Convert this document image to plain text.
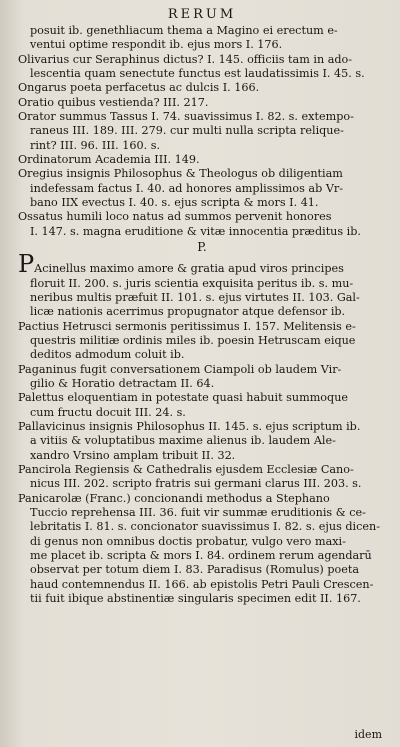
RERUM
posuit ib. genethliacum thema a Magino ei erectum e-
ventui optime respondit ib. ejus mors I. 176.
Olivarius cur Seraphinus dictus? I. 145. officiis tam in ado-
lescentia quam senectute functus est laudatissimis I. 45. s.
Ongarus poeta perfacetus ac dulcis I. 166.
Oratio quibus vestienda? III. 217.
Orator summus Tassus I. 74. suavissimus I. 82. s. extempo-
raneus III. 189. III. 279. cur multi nulla scripta relique-
rint? III. 96. III. 160. s.
Ordinatorum Academia III. 149.
Oregius insignis Philosophus & Theologus ob diligentiam
indefessam factus I. 40. ad honores amplissimos ab Vr-
bano IIX evectus I. 40. s. ejus scripta & mors I. 41.
Ossatus humili loco natus ad summos pervenit honores
I. 147. s. magna eruditione & vitæ innocentia præditus ib.
P.
PAcinellus maximo amore & gratia apud viros principes
floruit II. 200. s. juris scientia exquisita peritus ib. s. mu-
neribus multis præfuit II. 101. s. ejus virtutes II. 103. Gal-
licæ nationis acerrimus propugnator atque defensor ib.
Pactius Hetrusci sermonis peritissimus I. 157. Melitensis e-
questris militiæ ordinis miles ib. poesin Hetruscam eique
deditos admodum coluit ib.
Paganinus fugit conversationem Ciampoli ob laudem Vir-
gilio & Horatio detractam II. 64.
Palettus eloquentiam in potestate quasi habuit summoque
cum fructu docuit III. 24. s.
Pallavicinus insignis Philosophus II. 145. s. ejus scriptum ib.
a vitiis & voluptatibus maxime alienus ib. laudem Ale-
xandro Vrsino amplam tribuit II. 32.
Pancirola Regiensis & Cathedralis ejusdem Ecclesiæ Cano-
nicus III. 202. scripto fratris sui germani clarus III. 203. s.
Panicarolæ (Franc.) concionandi methodus a Stephano
Tuccio reprehensa III. 36. fuit vir summæ eruditionis & ce-
lebritatis I. 81. s. concionator suavissimus I. 82. s. ejus dicen-
di genus non omnibus doctis probatur, vulgo vero maxi-
me placet ib. scripta & mors I. 84. ordinem rerum agendarū
observat per totum diem I. 83. Paradisus (Romulus) poeta
haud contemnendus II. 166. ab epistolis Petri Pauli Crescen-
tii fuit ibique abstinentiæ singularis specimen edit II. 167.
idem
